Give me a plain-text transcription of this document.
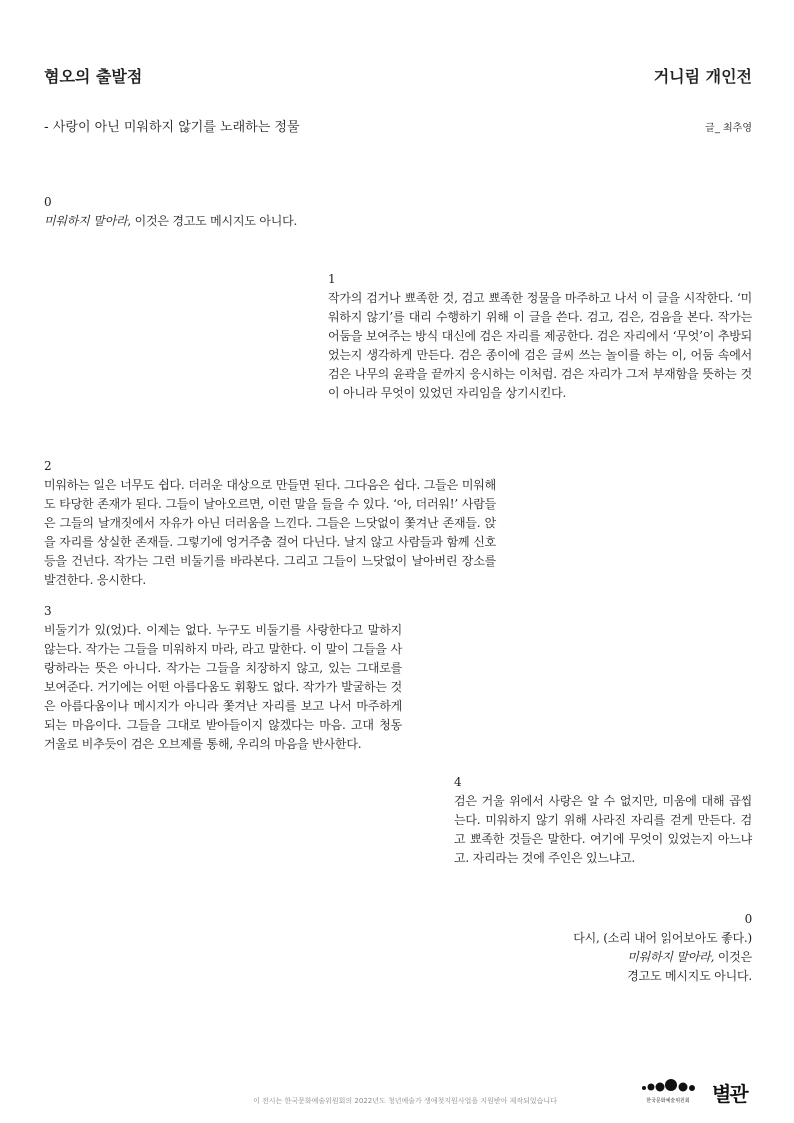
혐오의 출발점	거니림 개인전
- 사랑이 아닌 미워하지 않기를 노래하는 정물	글_ 최추영
0

미워하지 말아라, 이것은 경고도 메시지도 아니다.

1

작가의 검거나 뾰족한 것, 검고 뾰족한 정물을 마주하고 나서 이 글을 시작한다. ‘미워하지 않기’를 대리 수행하기 위해 이 글을 쓴다. 검고, 검은, 검음을 본다. 작가는 어둠을 보여주는 방식 대신에 검은 자리를 제공한다. 검은 자리에서 ‘무엇’이 추방되었는지 생각하게 만든다. 검은 종이에 검은 글씨 쓰는 놀이를 하는 이, 어둠 속에서 검은 나무의 윤곽을 끝까지 응시하는 이처럼. 검은 자리가 그저 부재함을 뜻하는 것이 아니라 무엇이 있었던 자리임을 상기시킨다.

2

미워하는 일은 너무도 쉽다. 더러운 대상으로 만들면 된다. 그다음은 쉽다. 그들은 미워해도 타당한 존재가 된다. 그들이 날아오르면, 이런 말을 들을 수 있다. ‘아, 더러워!’ 사람들은 그들의 날개짓에서 자유가 아닌 더러움을 느낀다. 그들은 느닷없이 쫓겨난 존재들. 앉을 자리를 상실한 존재들. 그렇기에 엉거주춤 걸어 다닌다. 날지 않고 사람들과 함께 신호등을 건넌다. 작가는 그런 비둘기를 바라본다. 그리고 그들이 느닷없이 날아버린 장소를 발견한다. 응시한다.

3

비둘기가 있(었)다. 이제는 없다. 누구도 비둘기를 사랑한다고 말하지 않는다. 작가는 그들을 미워하지 마라, 라고 말한다. 이 말이 그들을 사랑하라는 뜻은 아니다. 작가는 그들을 치장하지 않고, 있는 그대로를 보여준다. 거기에는 어떤 아름다움도 휘황도 없다. 작가가 발굴하는 것은 아름다움이나 메시지가 아니라 쫓겨난 자리를 보고 나서 마주하게 되는 마음이다. 그들을 그대로 받아들이지 않겠다는 마음. 고대 청동 거울로 비추듯이 검은 오브제를 통해, 우리의 마음을 반사한다.

4

검은 거울 위에서 사랑은 알 수 없지만, 미움에 대해 곱씹는다. 미워하지 않기 위해 사라진 자리를 걷게 만든다. 검고 뾰족한 것들은 말한다. 여기에 무엇이 있었는지 아느냐고. 자리라는 것에 주인은 있느냐고.

0

다시, (소리 내어 읽어보아도 좋다.)

미워하지 말아라, 이것은

경고도 메시지도 아니다.

이 전시는 한국문화예술위원회의 2022년도 청년예술가 생애첫지원사업을 지원받아 제작되었습니다	한국문화예술위원회	별관
